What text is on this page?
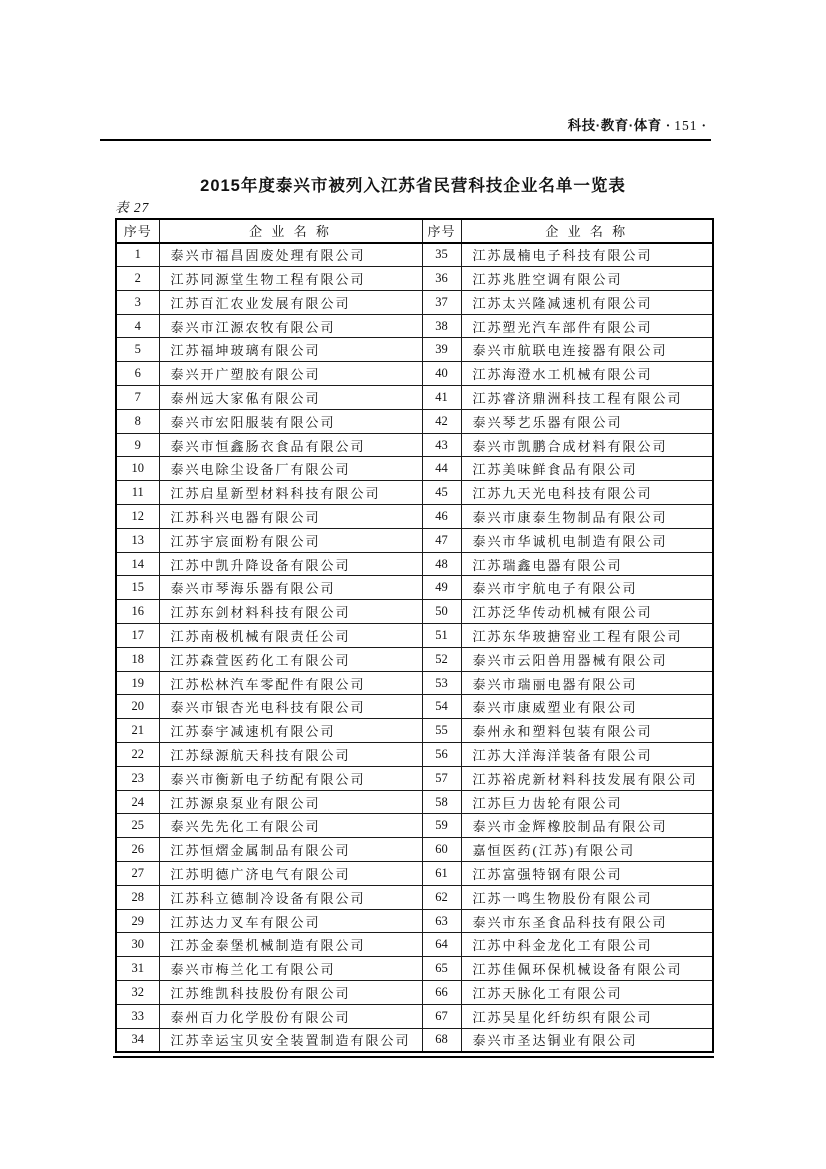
科技·教育·体育 · 151 ·
2015年度泰兴市被列入江苏省民营科技企业名单一览表
表 27
序号	企 业 名 称	序号	企 业 名 称
1	泰兴市福昌固废处理有限公司	35	江苏晟楠电子科技有限公司
2	江苏同源堂生物工程有限公司	36	江苏兆胜空调有限公司
3	江苏百汇农业发展有限公司	37	江苏太兴隆减速机有限公司
4	泰兴市江源农牧有限公司	38	江苏塑光汽车部件有限公司
5	江苏福坤玻璃有限公司	39	泰兴市航联电连接器有限公司
6	泰兴开广塑胶有限公司	40	江苏海澄水工机械有限公司
7	泰州远大家俬有限公司	41	江苏睿济鼎洲科技工程有限公司
8	泰兴市宏阳服装有限公司	42	泰兴琴艺乐器有限公司
9	泰兴市恒鑫肠衣食品有限公司	43	泰兴市凯鹏合成材料有限公司
10	泰兴电除尘设备厂有限公司	44	江苏美味鲜食品有限公司
11	江苏启星新型材料科技有限公司	45	江苏九天光电科技有限公司
12	江苏科兴电器有限公司	46	泰兴市康泰生物制品有限公司
13	江苏宇宸面粉有限公司	47	泰兴市华诚机电制造有限公司
14	江苏中凯升降设备有限公司	48	江苏瑞鑫电器有限公司
15	泰兴市琴海乐器有限公司	49	泰兴市宇航电子有限公司
16	江苏东剑材料科技有限公司	50	江苏泛华传动机械有限公司
17	江苏南极机械有限责任公司	51	江苏东华玻搪窑业工程有限公司
18	江苏森萱医药化工有限公司	52	泰兴市云阳兽用器械有限公司
19	江苏松林汽车零配件有限公司	53	泰兴市瑞丽电器有限公司
20	泰兴市银杏光电科技有限公司	54	泰兴市康威塑业有限公司
21	江苏泰宇减速机有限公司	55	泰州永和塑料包装有限公司
22	江苏绿源航天科技有限公司	56	江苏大洋海洋装备有限公司
23	泰兴市衡新电子纺配有限公司	57	江苏裕虎新材料科技发展有限公司
24	江苏源泉泵业有限公司	58	江苏巨力齿轮有限公司
25	泰兴先先化工有限公司	59	泰兴市金辉橡胶制品有限公司
26	江苏恒熠金属制品有限公司	60	嘉恒医药(江苏)有限公司
27	江苏明德广济电气有限公司	61	江苏富强特钢有限公司
28	江苏科立德制冷设备有限公司	62	江苏一鸣生物股份有限公司
29	江苏达力叉车有限公司	63	泰兴市东圣食品科技有限公司
30	江苏金泰堡机械制造有限公司	64	江苏中科金龙化工有限公司
31	泰兴市梅兰化工有限公司	65	江苏佳佩环保机械设备有限公司
32	江苏维凯科技股份有限公司	66	江苏天脉化工有限公司
33	泰州百力化学股份有限公司	67	江苏吴星化纤纺织有限公司
34	江苏幸运宝贝安全装置制造有限公司	68	泰兴市圣达铜业有限公司
